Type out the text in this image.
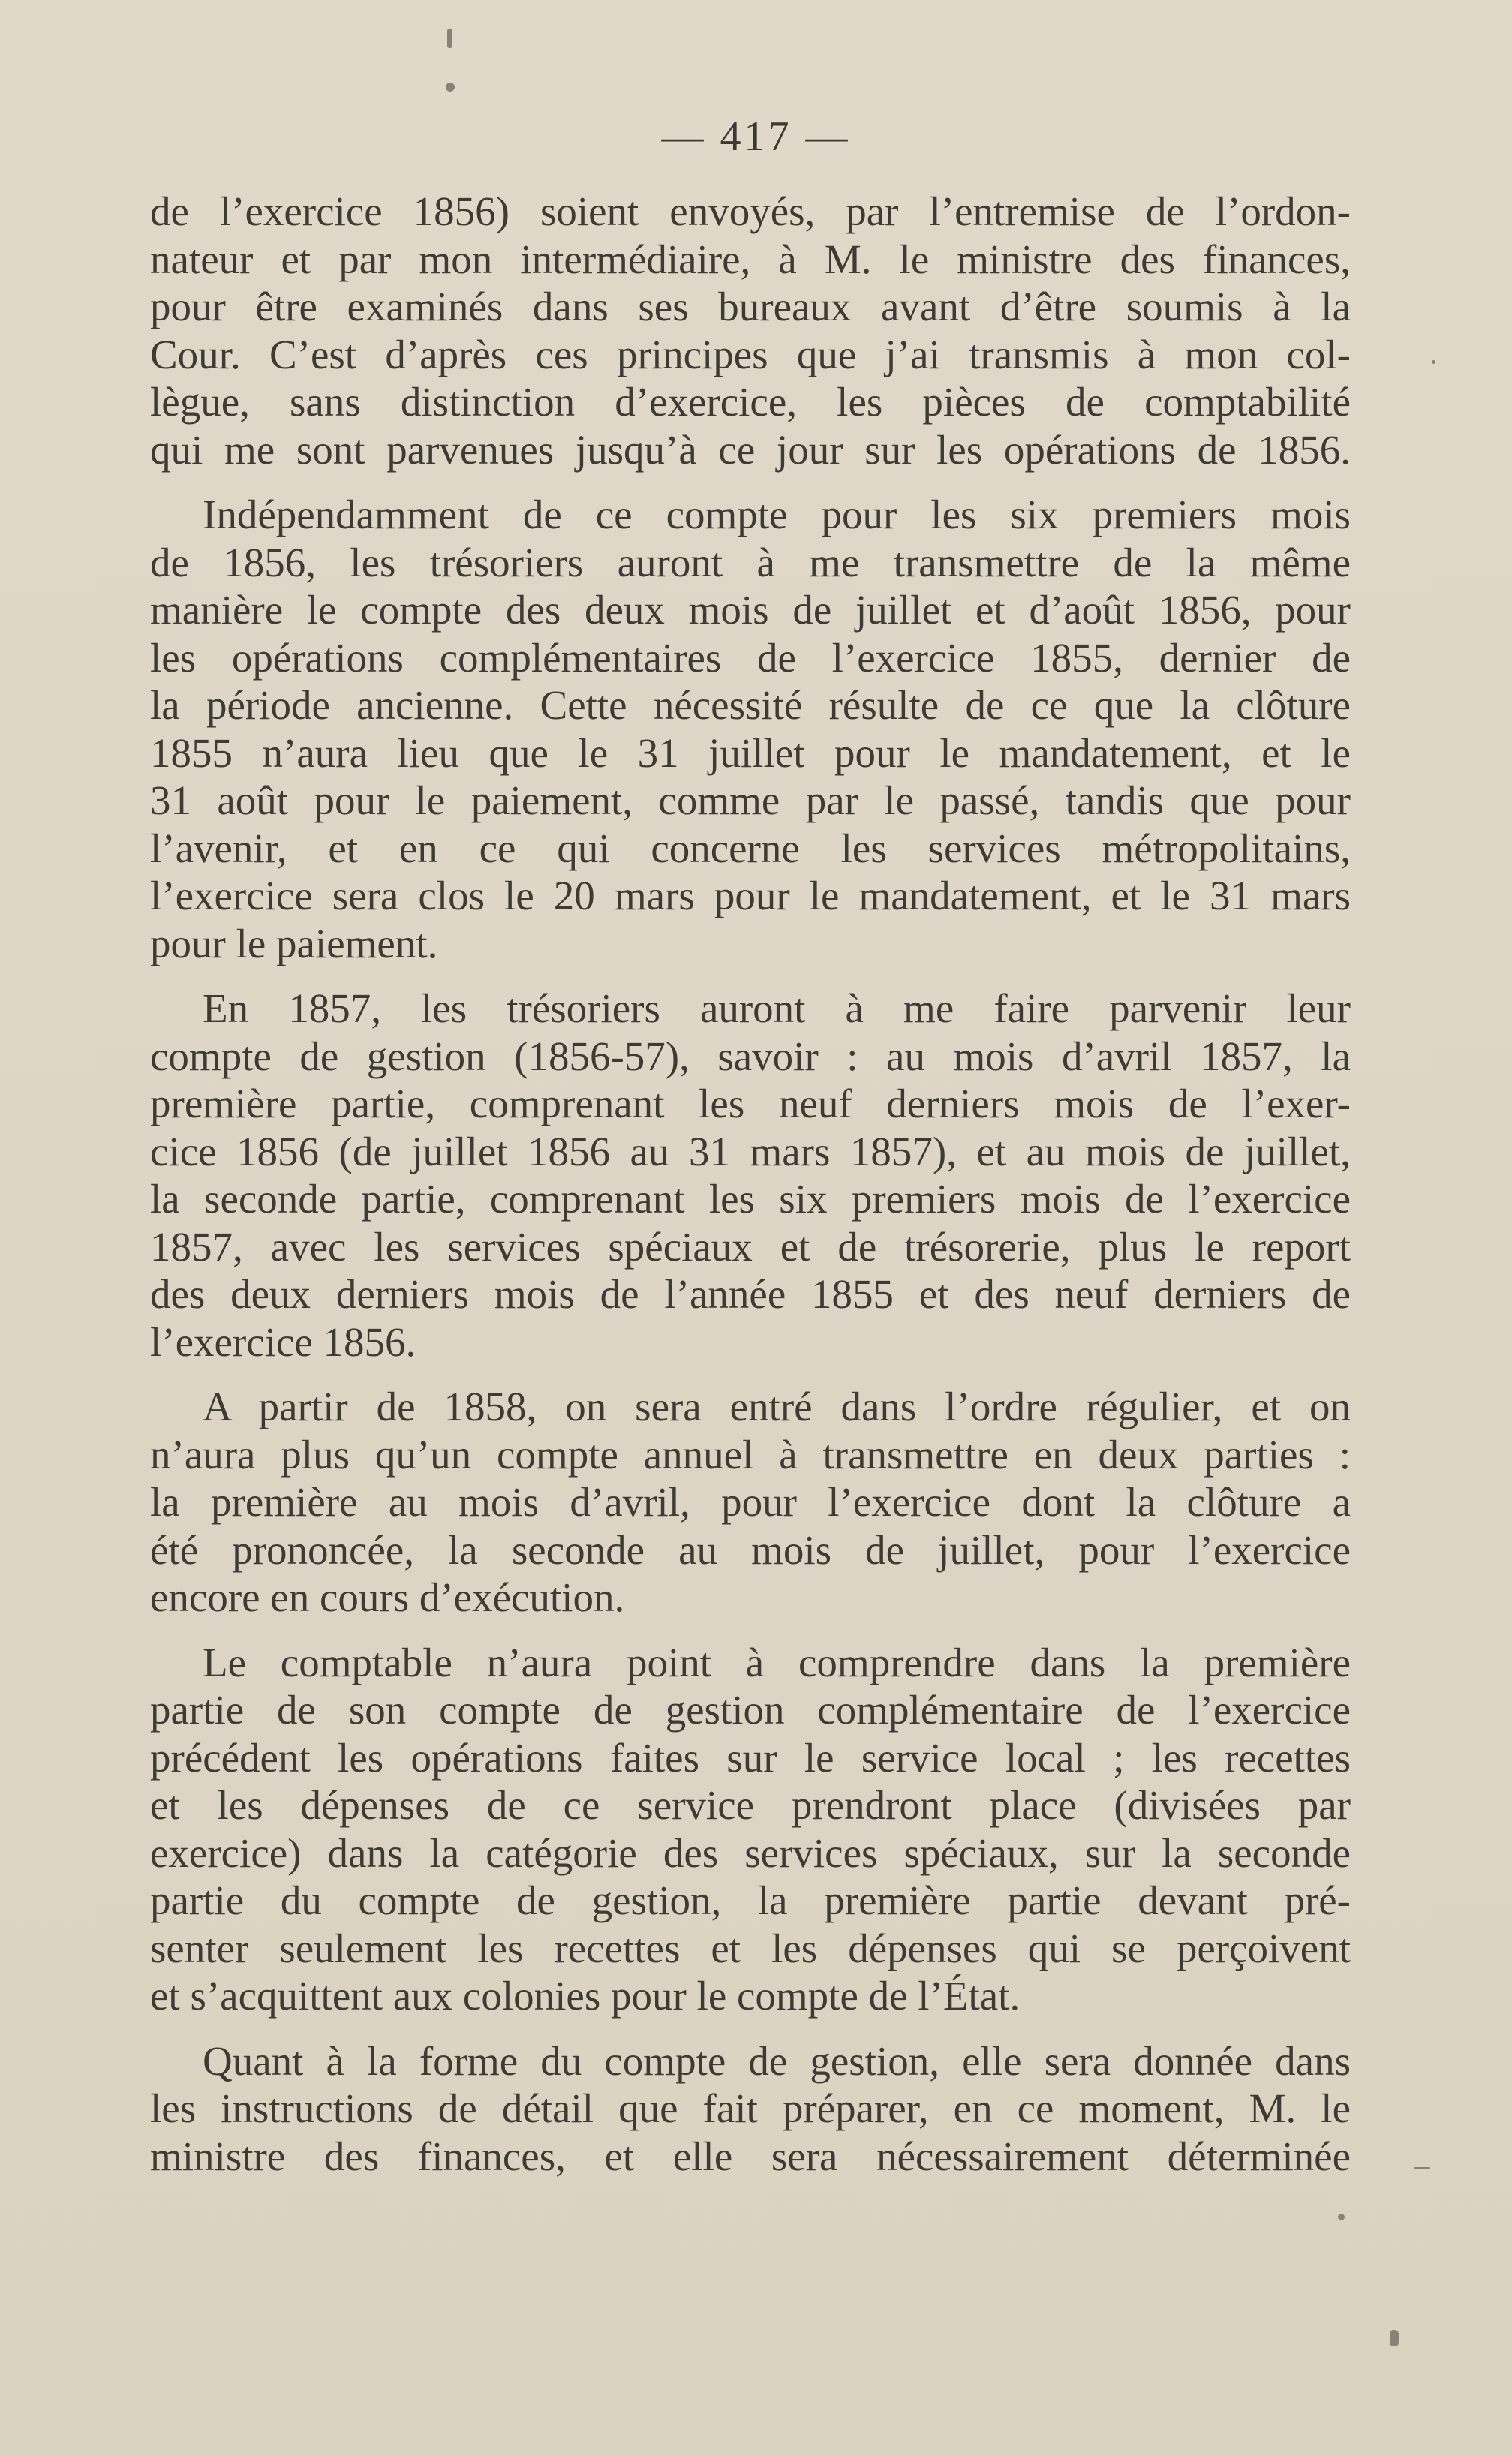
— 417 —
de l’exercice 1856) soient envoyés, par l’entremise de l’ordon-
nateur et par mon intermédiaire, à M. le ministre des finances,
pour être examinés dans ses bureaux avant d’être soumis à la
Cour. C’est d’après ces principes que j’ai transmis à mon col-
lègue, sans distinction d’exercice, les pièces de comptabilité
qui me sont parvenues jusqu’à ce jour sur les opérations de 1856.
Indépendamment de ce compte pour les six premiers mois
de 1856, les trésoriers auront à me transmettre de la même
manière le compte des deux mois de juillet et d’août 1856, pour
les opérations complémentaires de l’exercice 1855, dernier de
la période ancienne. Cette nécessité résulte de ce que la clôture
1855 n’aura lieu que le 31 juillet pour le mandatement, et le
31 août pour le paiement, comme par le passé, tandis que pour
l’avenir, et en ce qui concerne les services métropolitains,
l’exercice sera clos le 20 mars pour le mandatement, et le 31 mars
pour le paiement.
En 1857, les trésoriers auront à me faire parvenir leur
compte de gestion (1856-57), savoir : au mois d’avril 1857, la
première partie, comprenant les neuf derniers mois de l’exer-
cice 1856 (de juillet 1856 au 31 mars 1857), et au mois de juillet,
la seconde partie, comprenant les six premiers mois de l’exercice
1857, avec les services spéciaux et de trésorerie, plus le report
des deux derniers mois de l’année 1855 et des neuf derniers de
l’exercice 1856.
A partir de 1858, on sera entré dans l’ordre régulier, et on
n’aura plus qu’un compte annuel à transmettre en deux parties :
la première au mois d’avril, pour l’exercice dont la clôture a
été prononcée, la seconde au mois de juillet, pour l’exercice
encore en cours d’exécution.
Le comptable n’aura point à comprendre dans la première
partie de son compte de gestion complémentaire de l’exercice
précédent les opérations faites sur le service local ; les recettes
et les dépenses de ce service prendront place (divisées par
exercice) dans la catégorie des services spéciaux, sur la seconde
partie du compte de gestion, la première partie devant pré-
senter seulement les recettes et les dépenses qui se perçoivent
et s’acquittent aux colonies pour le compte de l’État.
Quant à la forme du compte de gestion, elle sera donnée dans
les instructions de détail que fait préparer, en ce moment, M. le
ministre des finances, et elle sera nécessairement déterminée
